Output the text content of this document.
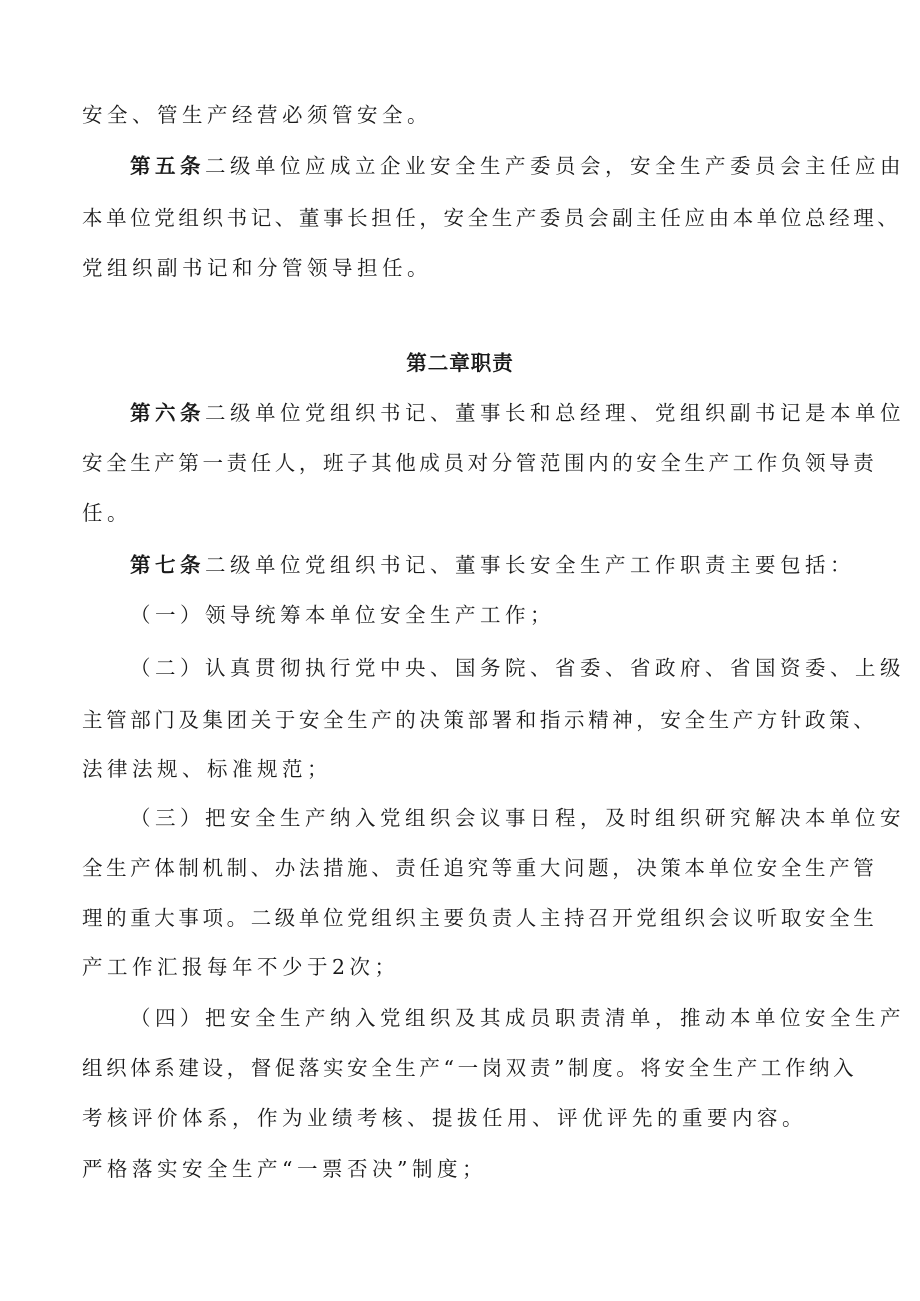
安全、管生产经营必须管安全。
第五条二级单位应成立企业安全生产委员会，安全生产委员会主任应由
本单位党组织书记、董事长担任，安全生产委员会副主任应由本单位总经理、
党组织副书记和分管领导担任。
第二章职责
第六条二级单位党组织书记、董事长和总经理、党组织副书记是本单位
安全生产第一责任人，班子其他成员对分管范围内的安全生产工作负领导责
任。
第七条二级单位党组织书记、董事长安全生产工作职责主要包括：
（一）领导统筹本单位安全生产工作；
（二）认真贯彻执行党中央、国务院、省委、省政府、省国资委、上级
主管部门及集团关于安全生产的决策部署和指示精神，安全生产方针政策、
法律法规、标准规范；
（三）把安全生产纳入党组织会议事日程，及时组织研究解决本单位安
全生产体制机制、办法措施、责任追究等重大问题，决策本单位安全生产管
理的重大事项。二级单位党组织主要负责人主持召开党组织会议听取安全生
产工作汇报每年不少于2次；
（四）把安全生产纳入党组织及其成员职责清单，推动本单位安全生产
组织体系建设，督促落实安全生产“一岗双责”制度。将安全生产工作纳入
考核评价体系，作为业绩考核、提拔任用、评优评先的重要内容。
严格落实安全生产“一票否决”制度；
